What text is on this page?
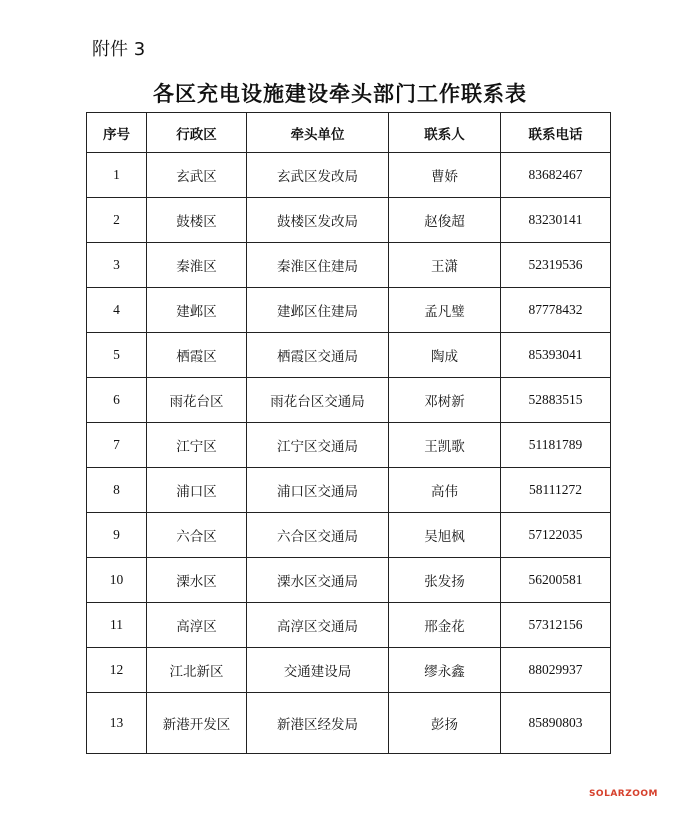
附件 3
各区充电设施建设牵头部门工作联系表
序号	行政区	牵头单位	联系人	联系电话
1	玄武区	玄武区发改局	曹娇	83682467
2	鼓楼区	鼓楼区发改局	赵俊超	83230141
3	秦淮区	秦淮区住建局	王潇	52319536
4	建邺区	建邺区住建局	孟凡璧	87778432
5	栖霞区	栖霞区交通局	陶成	85393041
6	雨花台区	雨花台区交通局	邓树新	52883515
7	江宁区	江宁区交通局	王凯歌	51181789
8	浦口区	浦口区交通局	高伟	58111272
9	六合区	六合区交通局	吴旭枫	57122035
10	溧水区	溧水区交通局	张发扬	56200581
11	高淳区	高淳区交通局	邢金花	57312156
12	江北新区	交通建设局	缪永鑫	88029937
13	新港开发区	新港区经发局	彭扬	85890803
SOLARZOOM
